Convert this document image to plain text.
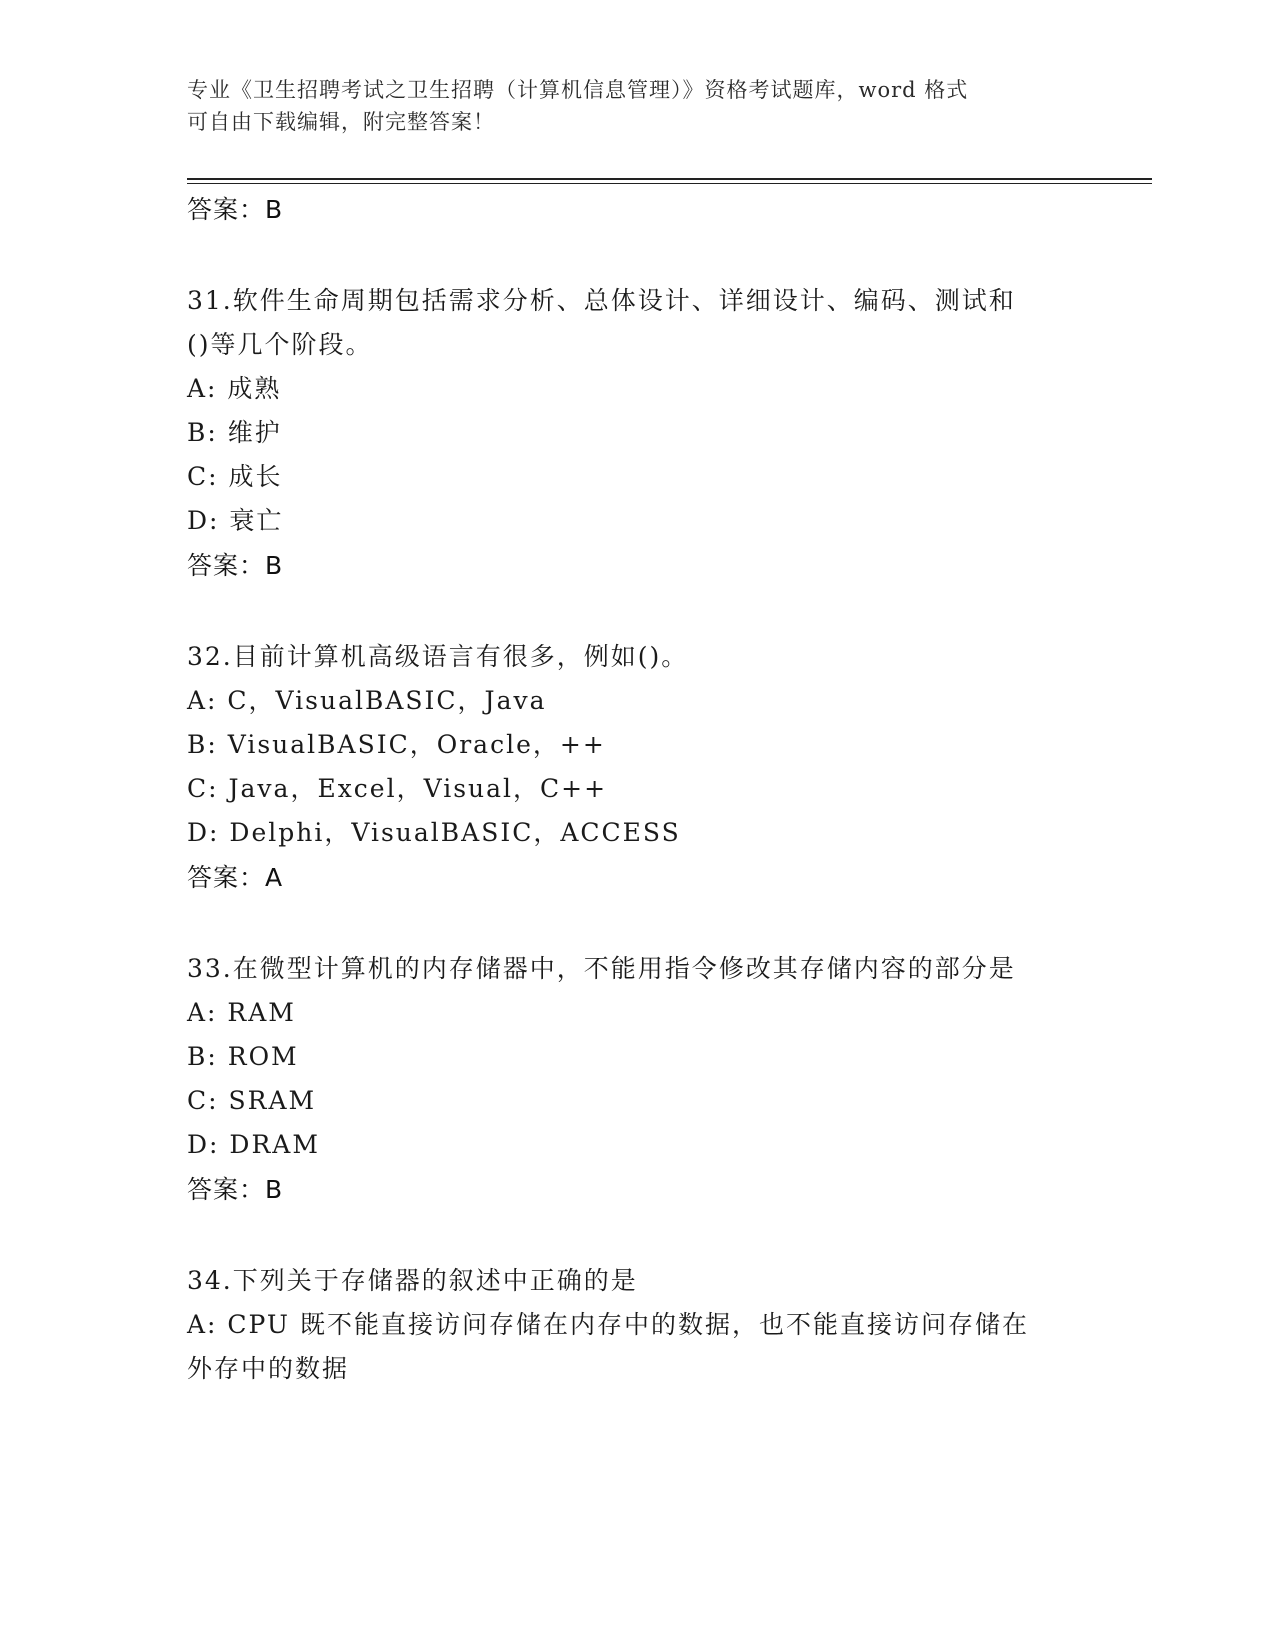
专业《卫生招聘考试之卫生招聘（计算机信息管理）》资格考试题库，word 格式
可自由下载编辑，附完整答案！
答案：B
31.软件生命周期包括需求分析、总体设计、详细设计、编码、测试和
()等几个阶段。
A: 成熟
B: 维护
C: 成长
D: 衰亡
答案：B
32.目前计算机高级语言有很多，例如()。
A: C，VisualBASIC，Java
B: VisualBASIC，Oracle，++
C: Java，Excel，Visual，C++
D: Delphi，VisualBASIC，ACCESS
答案：A
33.在微型计算机的内存储器中，不能用指令修改其存储内容的部分是
A: RAM
B: ROM
C: SRAM
D: DRAM
答案：B
34.下列关于存储器的叙述中正确的是
A: CPU 既不能直接访问存储在内存中的数据，也不能直接访问存储在
外存中的数据
